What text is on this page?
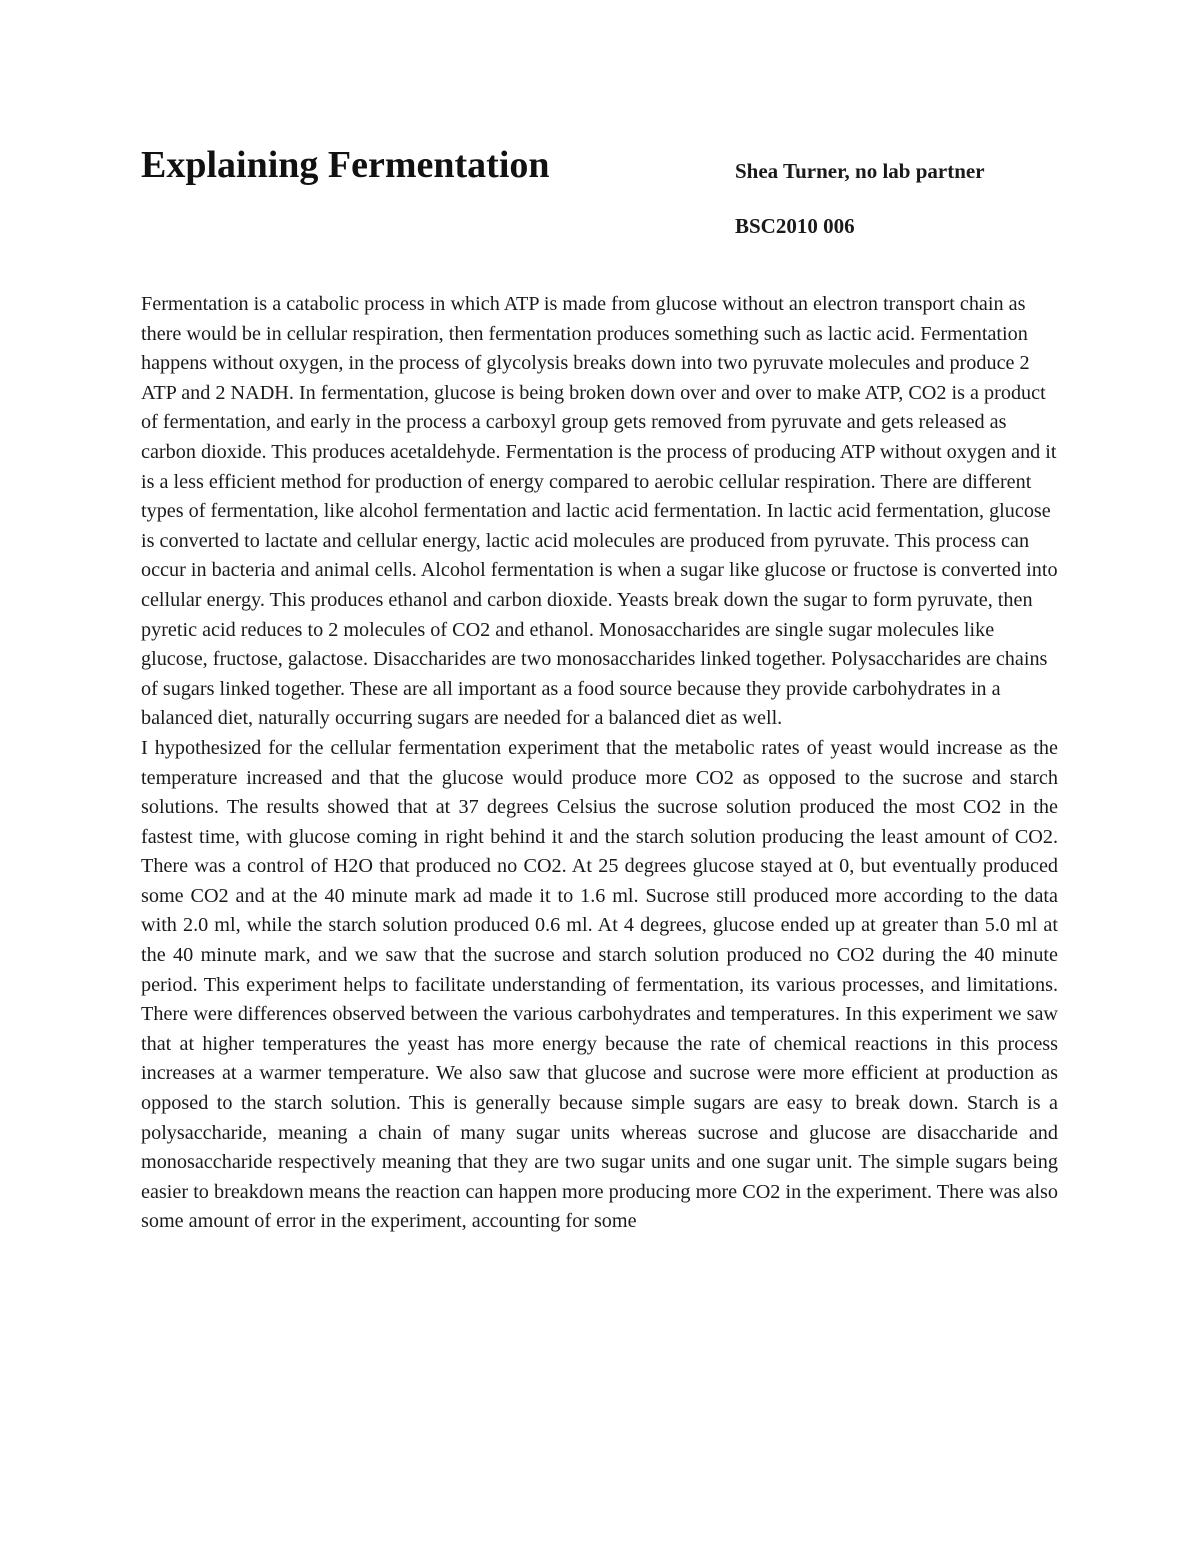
Explaining Fermentation	Shea Turner, no lab partner

BSC2010 006

Fermentation is a catabolic process in which ATP is made from glucose without an electron transport chain as there would be in cellular respiration, then fermentation produces something such as lactic acid. Fermentation happens without oxygen, in the process of glycolysis breaks down into two pyruvate molecules and produce 2 ATP and 2 NADH. In fermentation, glucose is being broken down over and over to make ATP, CO2 is a product of fermentation, and early in the process a carboxyl group gets removed from pyruvate and gets released as carbon dioxide. This produces acetaldehyde. Fermentation is the process of producing ATP without oxygen and it is a less efficient method for production of energy compared to aerobic cellular respiration. There are different types of fermentation, like alcohol fermentation and lactic acid fermentation. In lactic acid fermentation, glucose is converted to lactate and cellular energy, lactic acid molecules are produced from pyruvate. This process can occur in bacteria and animal cells. Alcohol fermentation is when a sugar like glucose or fructose is converted into cellular energy. This produces ethanol and carbon dioxide. Yeasts break down the sugar to form pyruvate, then pyretic acid reduces to 2 molecules of CO2 and ethanol. Monosaccharides are single sugar molecules like glucose, fructose, galactose. Disaccharides are two monosaccharides linked together. Polysaccharides are chains of sugars linked together. These are all important as a food source because they provide carbohydrates in a balanced diet, naturally occurring sugars are needed for a balanced diet as well.

I hypothesized for the cellular fermentation experiment that the metabolic rates of yeast would increase as the temperature increased and that the glucose would produce more CO2 as opposed to the sucrose and starch solutions. The results showed that at 37 degrees Celsius the sucrose solution produced the most CO2 in the fastest time, with glucose coming in right behind it and the starch solution producing the least amount of CO2. There was a control of H2O that produced no CO2. At 25 degrees glucose stayed at 0, but eventually produced some CO2 and at the 40 minute mark ad made it to 1.6 ml. Sucrose still produced more according to the data with 2.0 ml, while the starch solution produced 0.6 ml. At 4 degrees, glucose ended up at greater than 5.0 ml at the 40 minute mark, and we saw that the sucrose and starch solution produced no CO2 during the 40 minute period. This experiment helps to facilitate understanding of fermentation, its various processes, and limitations. There were differences observed between the various carbohydrates and temperatures. In this experiment we saw that at higher temperatures the yeast has more energy because the rate of chemical reactions in this process increases at a warmer temperature. We also saw that glucose and sucrose were more efficient at production as opposed to the starch solution. This is generally because simple sugars are easy to break down. Starch is a polysaccharide, meaning a chain of many sugar units whereas sucrose and glucose are disaccharide and monosaccharide respectively meaning that they are two sugar units and one sugar unit. The simple sugars being easier to breakdown means the reaction can happen more producing more CO2 in the experiment. There was also some amount of error in the experiment, accounting for some
